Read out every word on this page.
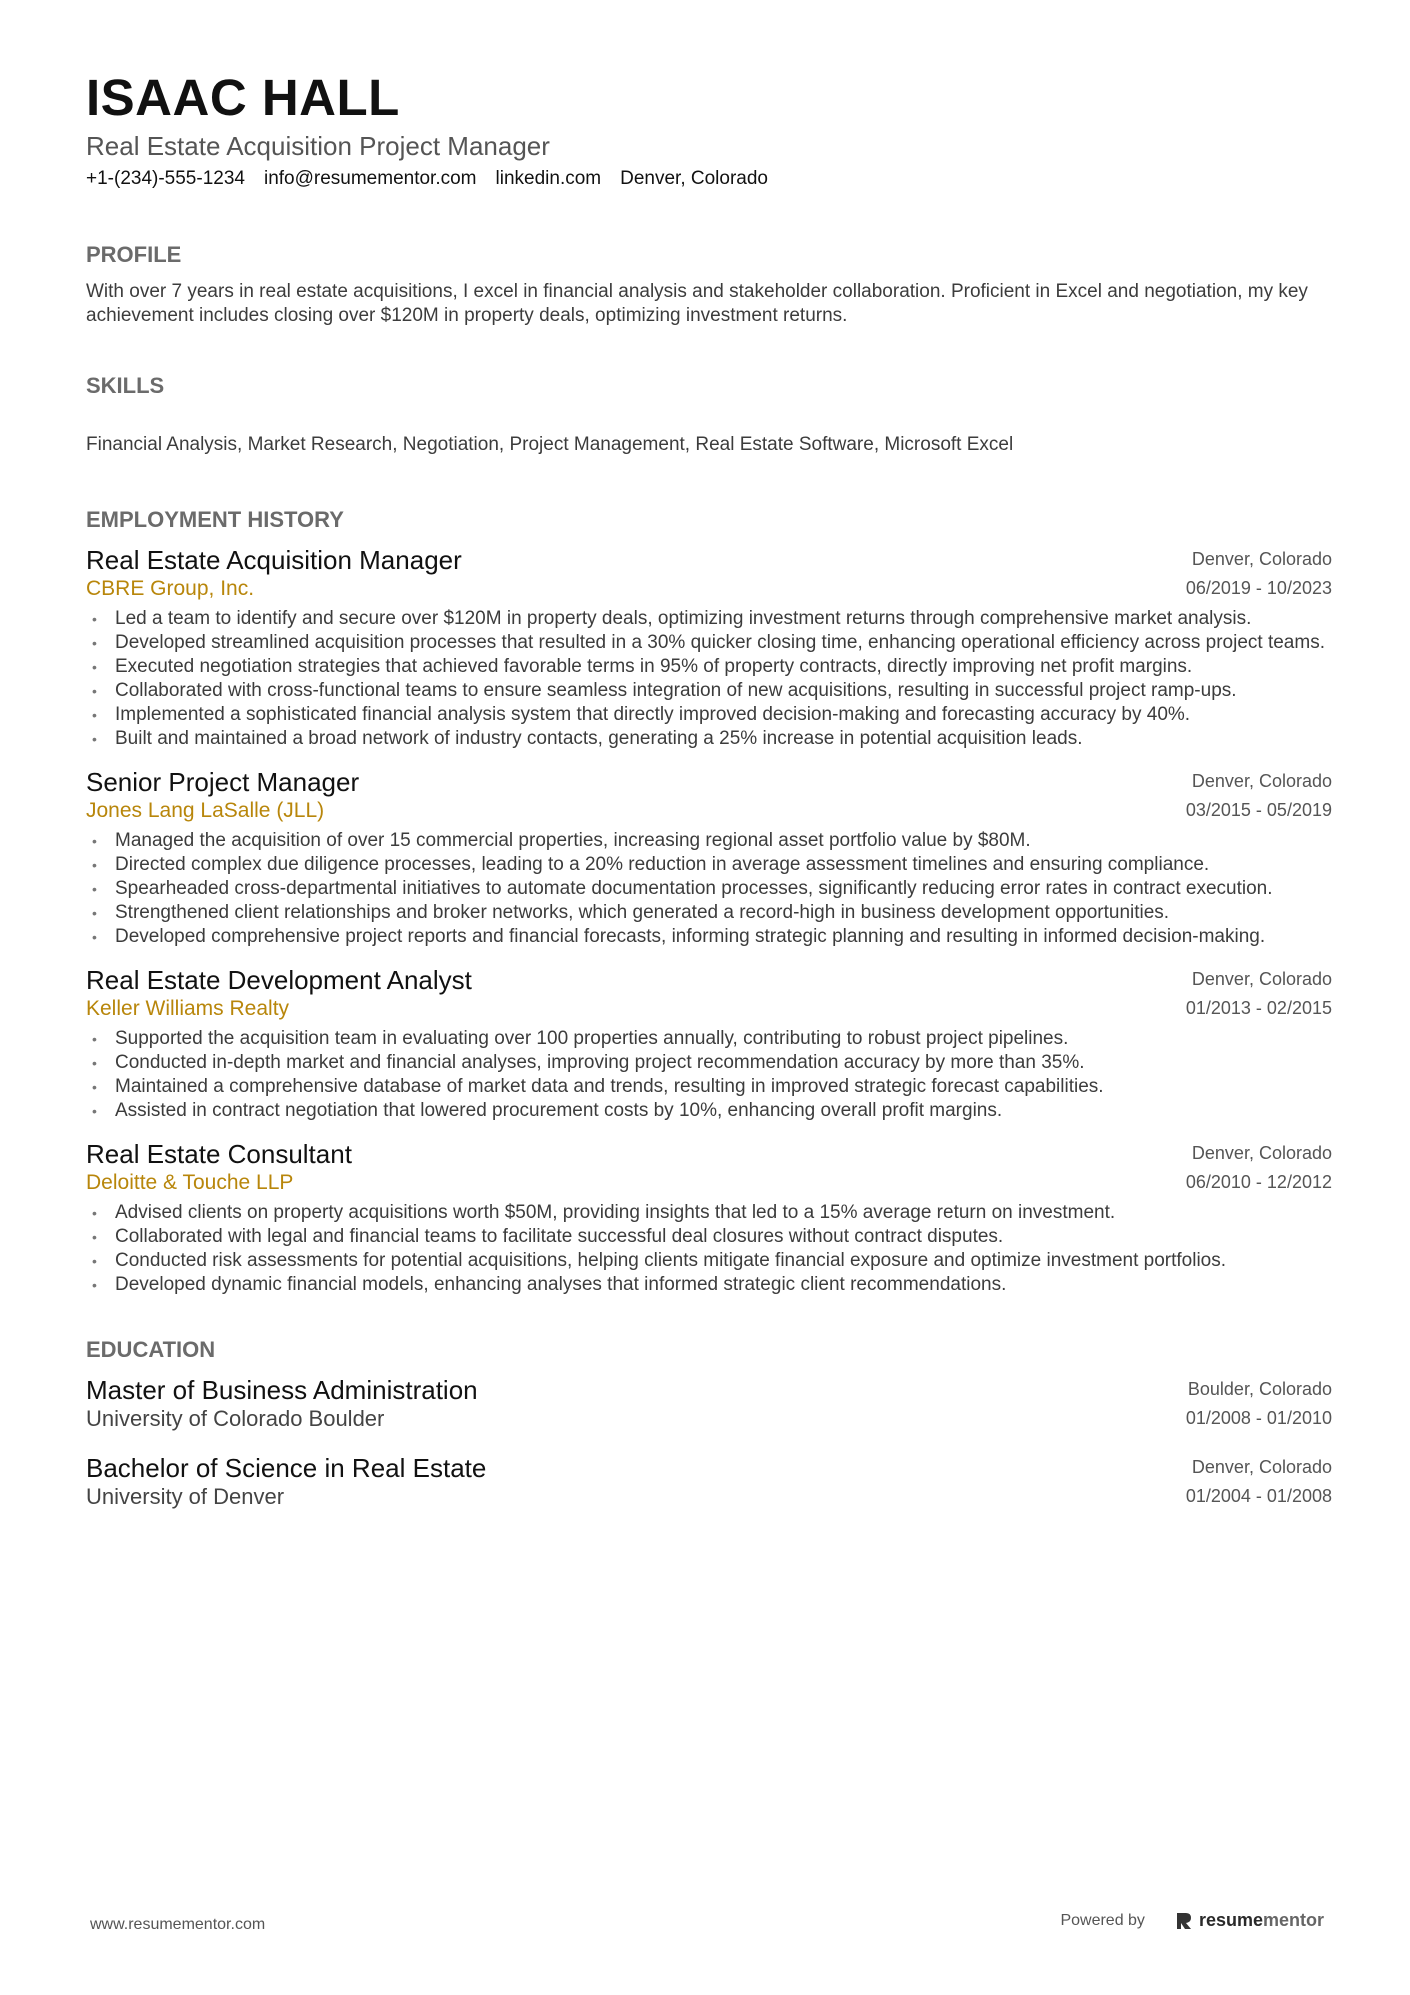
ISAAC HALL
Real Estate Acquisition Project Manager
+1-(234)-555-1234 info@resumementor.com linkedin.com Denver, Colorado
PROFILE
With over 7 years in real estate acquisitions, I excel in financial analysis and stakeholder collaboration. Proficient in Excel and negotiation, my key achievement includes closing over $120M in property deals, optimizing investment returns.
SKILLS
Financial Analysis, Market Research, Negotiation, Project Management, Real Estate Software, Microsoft Excel
EMPLOYMENT HISTORY
Real Estate Acquisition Manager
CBRE Group, Inc.
Denver, Colorado
06/2019 - 10/2023
• Led a team to identify and secure over $120M in property deals, optimizing investment returns through comprehensive market analysis.
• Developed streamlined acquisition processes that resulted in a 30% quicker closing time, enhancing operational efficiency across project teams.
• Executed negotiation strategies that achieved favorable terms in 95% of property contracts, directly improving net profit margins.
• Collaborated with cross-functional teams to ensure seamless integration of new acquisitions, resulting in successful project ramp-ups.
• Implemented a sophisticated financial analysis system that directly improved decision-making and forecasting accuracy by 40%.
• Built and maintained a broad network of industry contacts, generating a 25% increase in potential acquisition leads.
Senior Project Manager
Jones Lang LaSalle (JLL)
Denver, Colorado
03/2015 - 05/2019
• Managed the acquisition of over 15 commercial properties, increasing regional asset portfolio value by $80M.
• Directed complex due diligence processes, leading to a 20% reduction in average assessment timelines and ensuring compliance.
• Spearheaded cross-departmental initiatives to automate documentation processes, significantly reducing error rates in contract execution.
• Strengthened client relationships and broker networks, which generated a record-high in business development opportunities.
• Developed comprehensive project reports and financial forecasts, informing strategic planning and resulting in informed decision-making.
Real Estate Development Analyst
Keller Williams Realty
Denver, Colorado
01/2013 - 02/2015
• Supported the acquisition team in evaluating over 100 properties annually, contributing to robust project pipelines.
• Conducted in-depth market and financial analyses, improving project recommendation accuracy by more than 35%.
• Maintained a comprehensive database of market data and trends, resulting in improved strategic forecast capabilities.
• Assisted in contract negotiation that lowered procurement costs by 10%, enhancing overall profit margins.
Real Estate Consultant
Deloitte & Touche LLP
Denver, Colorado
06/2010 - 12/2012
• Advised clients on property acquisitions worth $50M, providing insights that led to a 15% average return on investment.
• Collaborated with legal and financial teams to facilitate successful deal closures without contract disputes.
• Conducted risk assessments for potential acquisitions, helping clients mitigate financial exposure and optimize investment portfolios.
• Developed dynamic financial models, enhancing analyses that informed strategic client recommendations.
EDUCATION
Master of Business Administration
University of Colorado Boulder
Boulder, Colorado
01/2008 - 01/2010
Bachelor of Science in Real Estate
University of Denver
Denver, Colorado
01/2004 - 01/2008
www.resumementor.com	Powered by	resumementor
